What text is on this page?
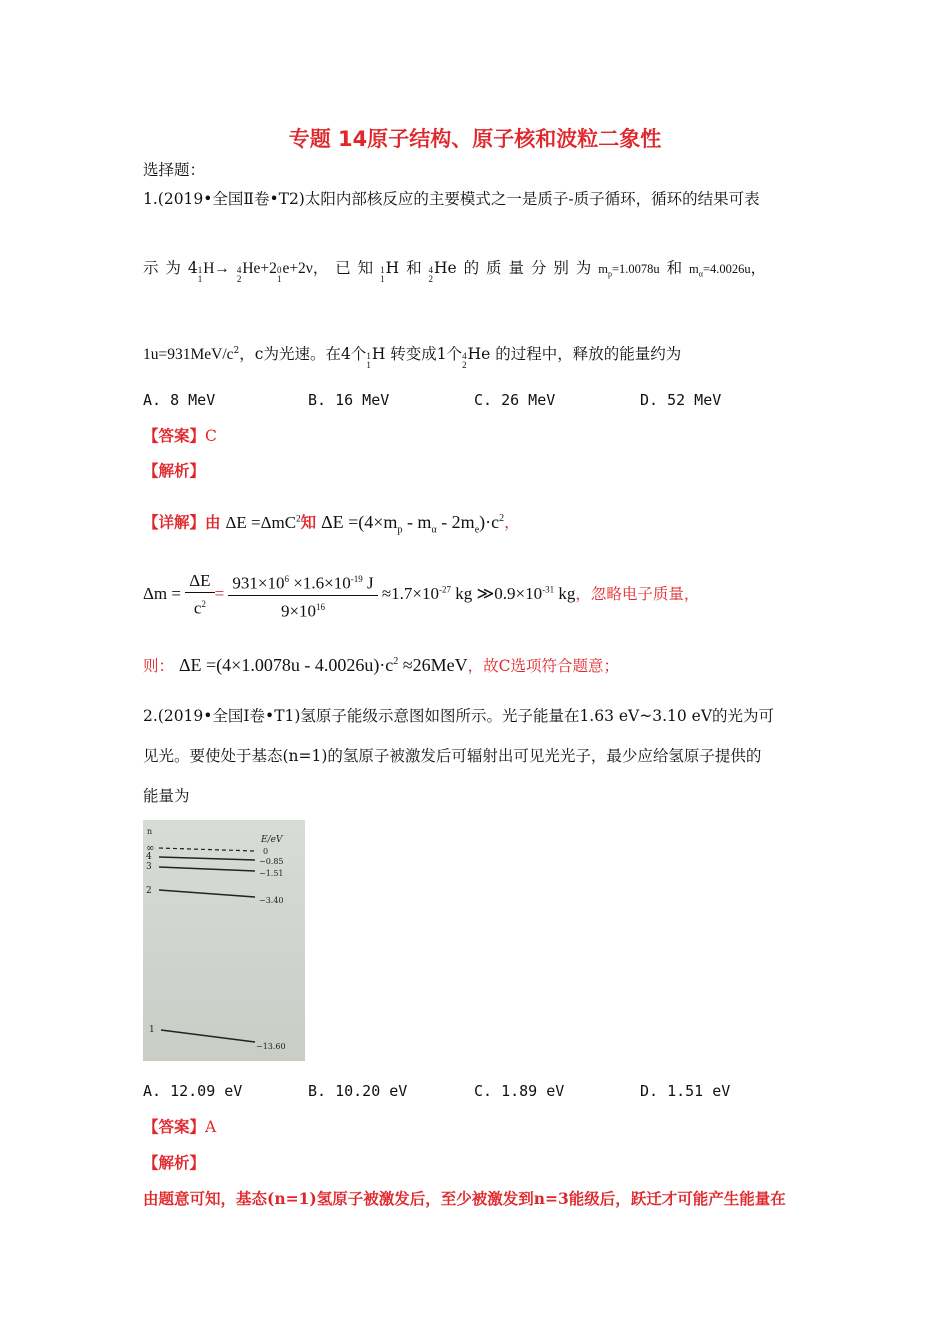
专题 14原子结构、原子核和波粒二象性
选择题：
1.(2019•全国Ⅱ卷•T2)太阳内部核反应的主要模式之一是质子-质子循环，循环的结果可表
示 为 4 1
1
H→ 4
2
He+2 0
1
e+2ν， 已 知 1
1
H 和 4
2
He 的 质 量 分 别 为 $m_p=1.0078u$ 和 $m_\alpha=4.0026u$，
$1u=931MeV/c^2$，c为光速。在4个 1
1
H 转变成1个 4
2
He 的过程中，释放的能量约为
A. 8 MeV	B. 16 MeV	C. 26 MeV	D. 52 MeV
【答案】C
【解析】
【详解】由 ΔE =ΔmC$^2$知 $\Delta E =(4\times m_p - m_\alpha - 2m_e)\cdot c^2$，
$\Delta m = \frac{\Delta E}{c^2} = \frac{931\times 10^6 \times 1.6\times 10^{-19} J}{9\times 10^{16}} \approx 1.7\times 10^{-27}$ kg $≫0.9\times 10^{-31}$ kg，忽略电子质量，
则： $\Delta E =(4\times 1.0078u - 4.0026u)\cdot c^2 \approx 26MeV$，故C选项符合题意；
2.(2019•全国Ⅰ卷•T1)氢原子能级示意图如图所示。光子能量在1.63 eV~3.10 eV的光为可
见光。要使处于基态(n=1)的氢原子被激发后可辐射出可见光光子，最少应给氢原子提供的
能量为
n
E/eV
∞	0
4	−0.85
3
−1.51
2
−3.40
1
−13.60
A. 12.09 eV	B. 10.20 eV	C. 1.89 eV	D. 1.51 eV
【答案】A
【解析】
由题意可知，基态(n=1)氢原子被激发后，至少被激发到n=3能级后，跃迁才可能产生能量在
